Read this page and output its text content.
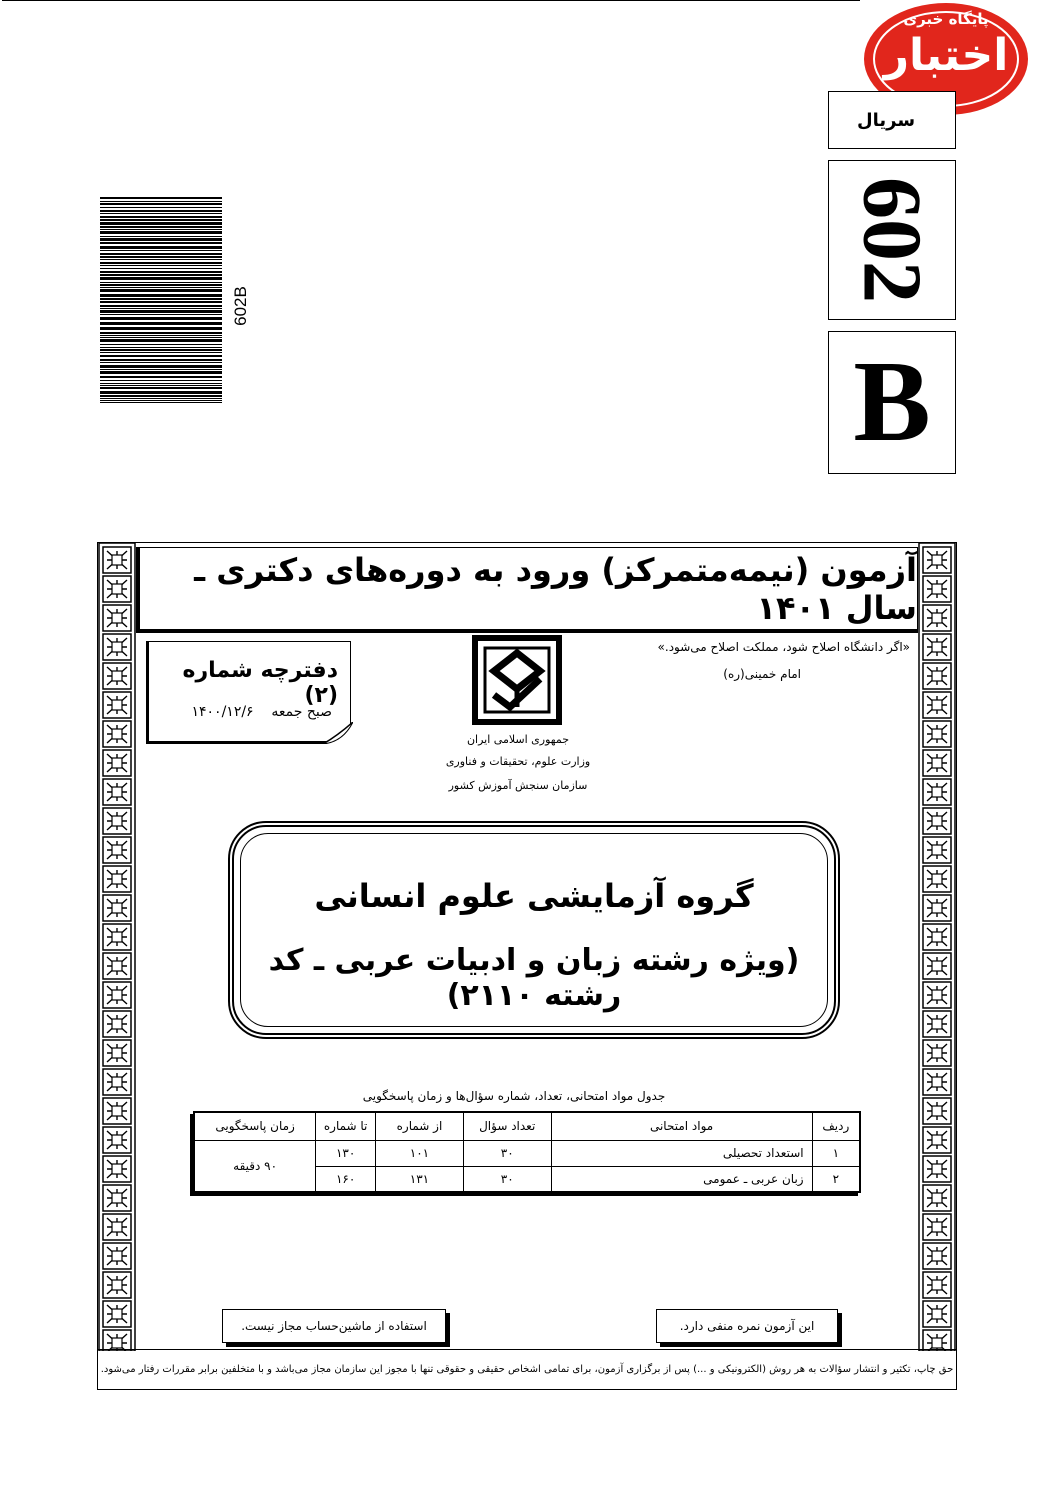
پایگاه خبری
اختبار
602B
سریال
602
B
آزمون (نیمه‌متمرکز) ورود به دوره‌های دکتری ـ سال ۱۴۰۱
دفترچه شماره (۲)
صبح جمعه    ۱۴۰۰/۱۲/۶
جمهوری اسلامی ایران
وزارت علوم، تحقیقات و فناوری
سازمان سنجش آموزش کشور
«اگر دانشگاه اصلاح شود، مملکت اصلاح می‌شود.»
امام خمینی(ره)
گروه آزمایشی علوم انسانی
(ویژه رشته زبان و ادبیات عربی ـ کد رشته ۲۱۱۰)
جدول مواد امتحانی، تعداد، شماره سؤال‌ها و زمان پاسخگویی
ردیف	مواد امتحانی	تعداد سؤال	از شماره	تا شماره	زمان پاسخگویی
۱	استعداد تحصیلی	۳۰	۱۰۱	۱۳۰	۹۰ دقیقه
۲	زبان عربی ـ عمومی	۳۰	۱۳۱	۱۶۰	
استفاده از ماشین‌حساب مجاز نیست.	این آزمون نمره منفی دارد.
حق چاپ، تکثیر و انتشار سؤالات به هر روش (الکترونیکی و ...) پس از برگزاری آزمون، برای تمامی اشخاص حقیقی و حقوقی تنها با مجوز این سازمان مجاز می‌باشد و با متخلفین برابر مقررات رفتار می‌شود.
